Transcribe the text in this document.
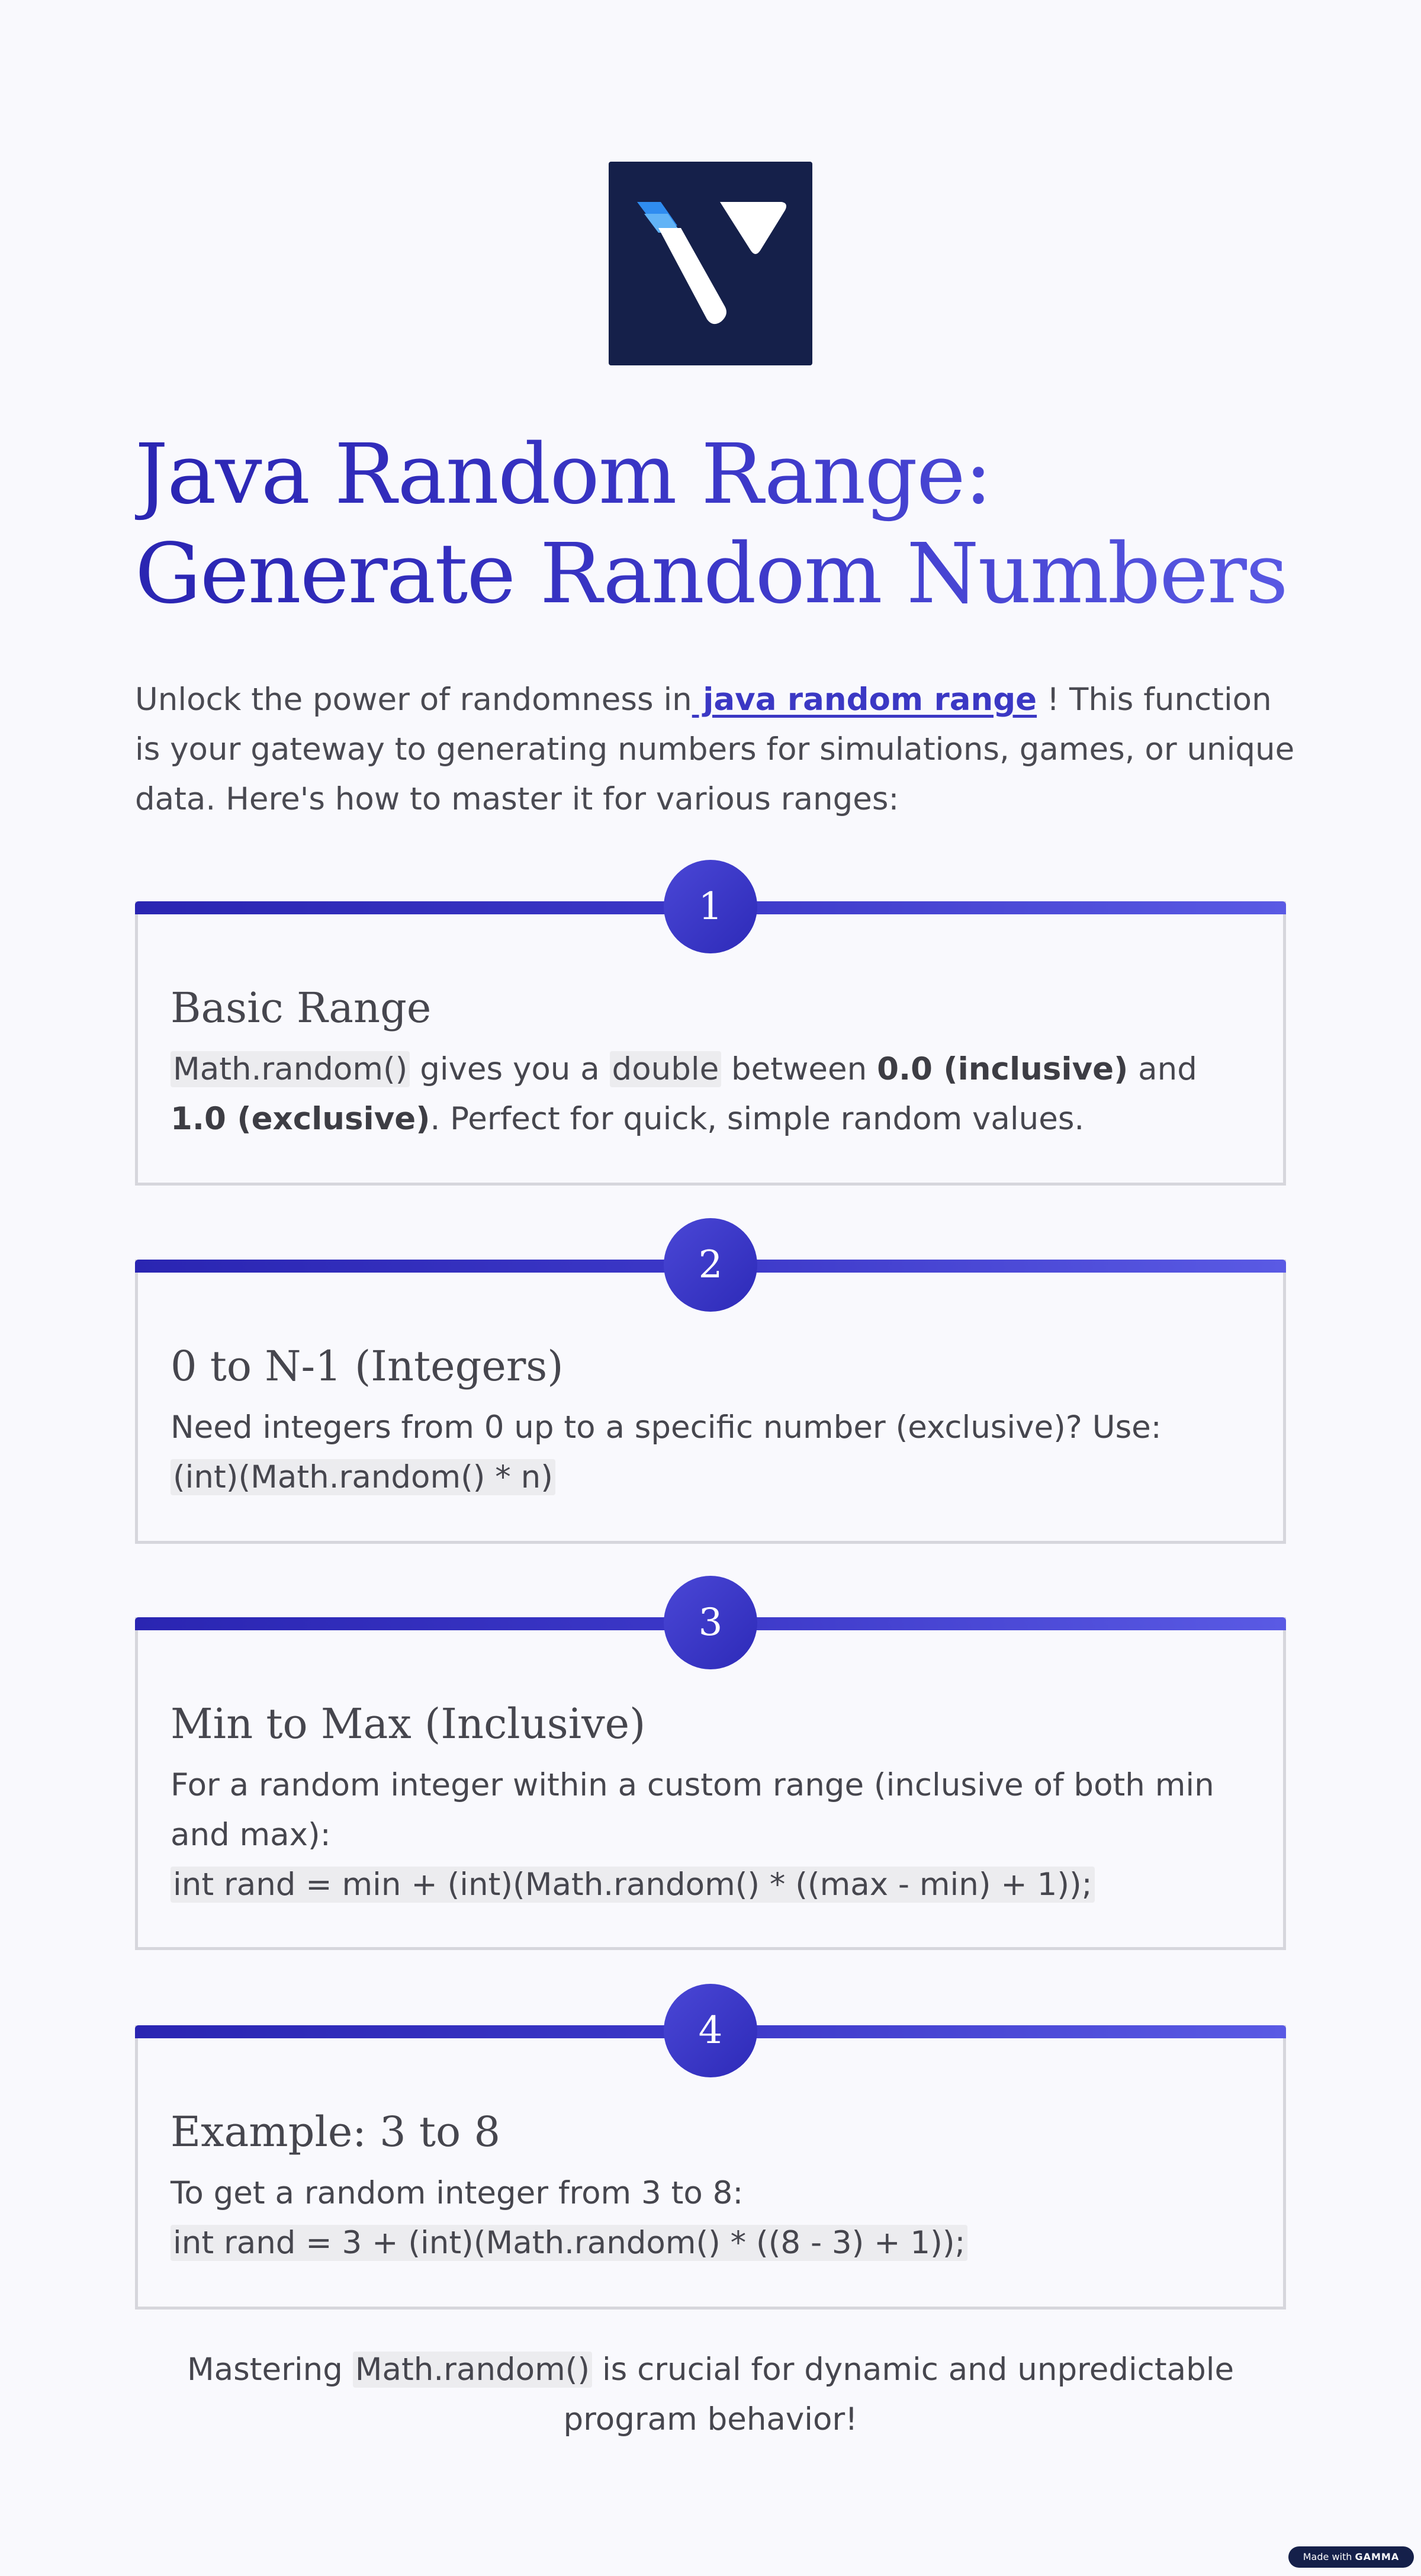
Java Random Range:
Generate Random Numbers

Unlock the power of randomness in java random range ! This function is your gateway to generating numbers for simulations, games, or unique data. Here's how to master it for various ranges:

1
Basic Range

Math.random() gives you a double between 0.0 (inclusive) and 1.0 (exclusive). Perfect for quick, simple random values.

2
0 to N-1 (Integers)

Need integers from 0 up to a specific number (exclusive)? Use:
(int)(Math.random() * n)

3
Min to Max (Inclusive)

For a random integer within a custom range (inclusive of both min and max):
int rand = min + (int)(Math.random() * ((max - min) + 1));

4
Example: 3 to 8

To get a random integer from 3 to 8:
int rand = 3 + (int)(Math.random() * ((8 - 3) + 1));

Mastering Math.random() is crucial for dynamic and unpredictable program behavior!

Made with GAMMA
